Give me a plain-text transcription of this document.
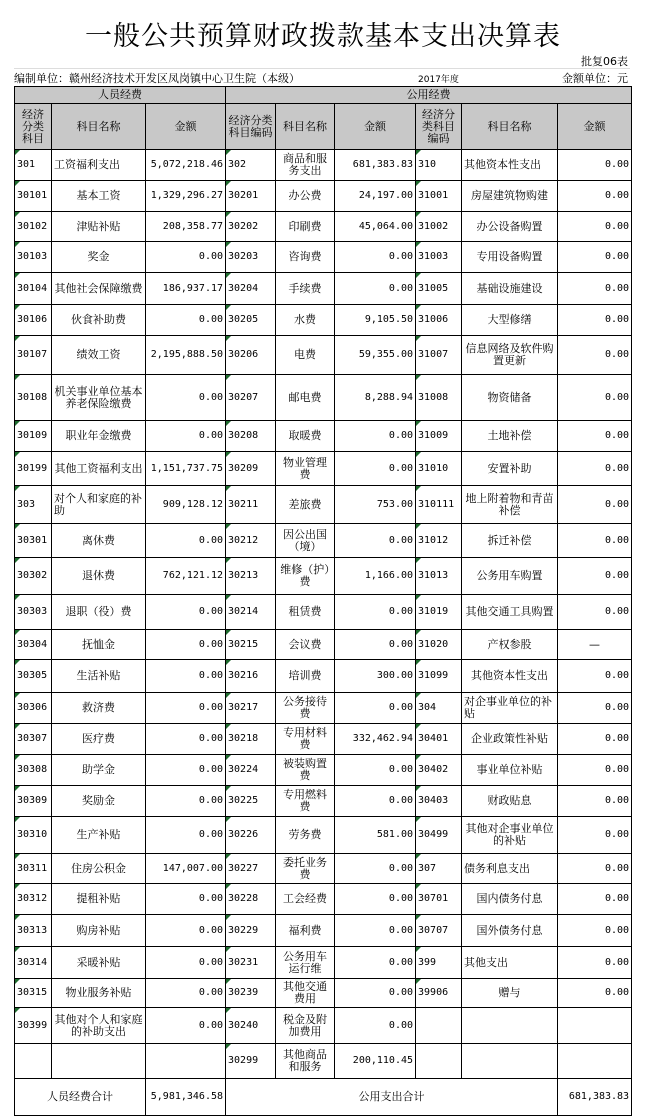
一般公共预算财政拨款基本支出决算表
批复06表
编制单位：赣州经济技术开发区凤岗镇中心卫生院（本级）	2017年度	金额单位：元
人员经费			公用经费					
经济分类科目	科目名称	金额	经济分类科目编码	科目名称	金额	经济分类科目编码	科目名称	金额
301	工资福利支出	5,072,218.46	302	商品和服务支出	681,383.83	310	其他资本性支出	0.00
30101	基本工资	1,329,296.27	30201	办公费	24,197.00	31001	房屋建筑物购建	0.00
30102	津贴补贴	208,358.77	30202	印刷费	45,064.00	31002	办公设备购置	0.00
30103	奖金	0.00	30203	咨询费	0.00	31003	专用设备购置	0.00
30104	其他社会保障缴费	186,937.17	30204	手续费	0.00	31005	基础设施建设	0.00
30106	伙食补助费	0.00	30205	水费	9,105.50	31006	大型修缮	0.00
30107	绩效工资	2,195,888.50	30206	电费	59,355.00	31007	信息网络及软件购置更新	0.00
30108	机关事业单位基本养老保险缴费	0.00	30207	邮电费	8,288.94	31008	物资储备	0.00
30109	职业年金缴费	0.00	30208	取暖费	0.00	31009	土地补偿	0.00
30199	其他工资福利支出	1,151,737.75	30209	物业管理费	0.00	31010	安置补助	0.00
303	对个人和家庭的补助	909,128.12	30211	差旅费	753.00	310111	地上附着物和青苗补偿	0.00
30301	离休费	0.00	30212	因公出国（境）	0.00	31012	拆迁补偿	0.00
30302	退休费	762,121.12	30213	维修（护）费	1,166.00	31013	公务用车购置	0.00
30303	退职（役）费	0.00	30214	租赁费	0.00	31019	其他交通工具购置	0.00
30304	抚恤金	0.00	30215	会议费	0.00	31020	产权参股	—
30305	生活补贴	0.00	30216	培训费	300.00	31099	其他资本性支出	0.00
30306	救济费	0.00	30217	公务接待费	0.00	304	对企事业单位的补贴	0.00
30307	医疗费	0.00	30218	专用材料费	332,462.94	30401	企业政策性补贴	0.00
30308	助学金	0.00	30224	被装购置费	0.00	30402	事业单位补贴	0.00
30309	奖励金	0.00	30225	专用燃料费	0.00	30403	财政贴息	0.00
30310	生产补贴	0.00	30226	劳务费	581.00	30499	其他对企事业单位的补贴	0.00
30311	住房公积金	147,007.00	30227	委托业务费	0.00	307	债务利息支出	0.00
30312	提租补贴	0.00	30228	工会经费	0.00	30701	国内债务付息	0.00
30313	购房补贴	0.00	30229	福利费	0.00	30707	国外债务付息	0.00
30314	采暖补贴	0.00	30231	公务用车运行维	0.00	399	其他支出	0.00
30315	物业服务补贴	0.00	30239	其他交通费用	0.00	39906	赠与	0.00
30399	其他对个人和家庭的补助支出	0.00	30240	税金及附加费用	0.00			
			30299	其他商品和服务	200,110.45			
人员经费合计		5,981,346.58	公用支出合计					681,383.83
